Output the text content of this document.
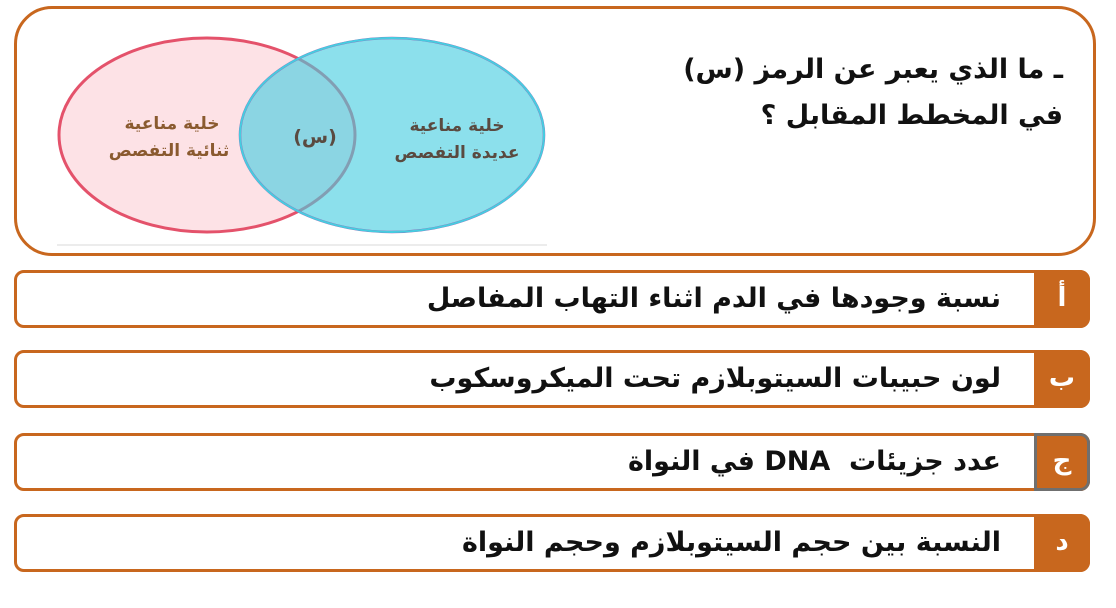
خلية مناعية
ثنائية التفصص
(س)	خلية مناعية
عديدة التفصص

ـ ما الذي يعبر عن الرمز (س)
في المخطط المقابل ؟

نسبة وجودها في الدم اثناء التهاب المفاصل	أ
لون حبيبات السيتوبلازم تحت الميكروسكوب	ب
عدد جزيئات  DNA في النواة	ج
النسبة بين حجم السيتوبلازم وحجم النواة	د
